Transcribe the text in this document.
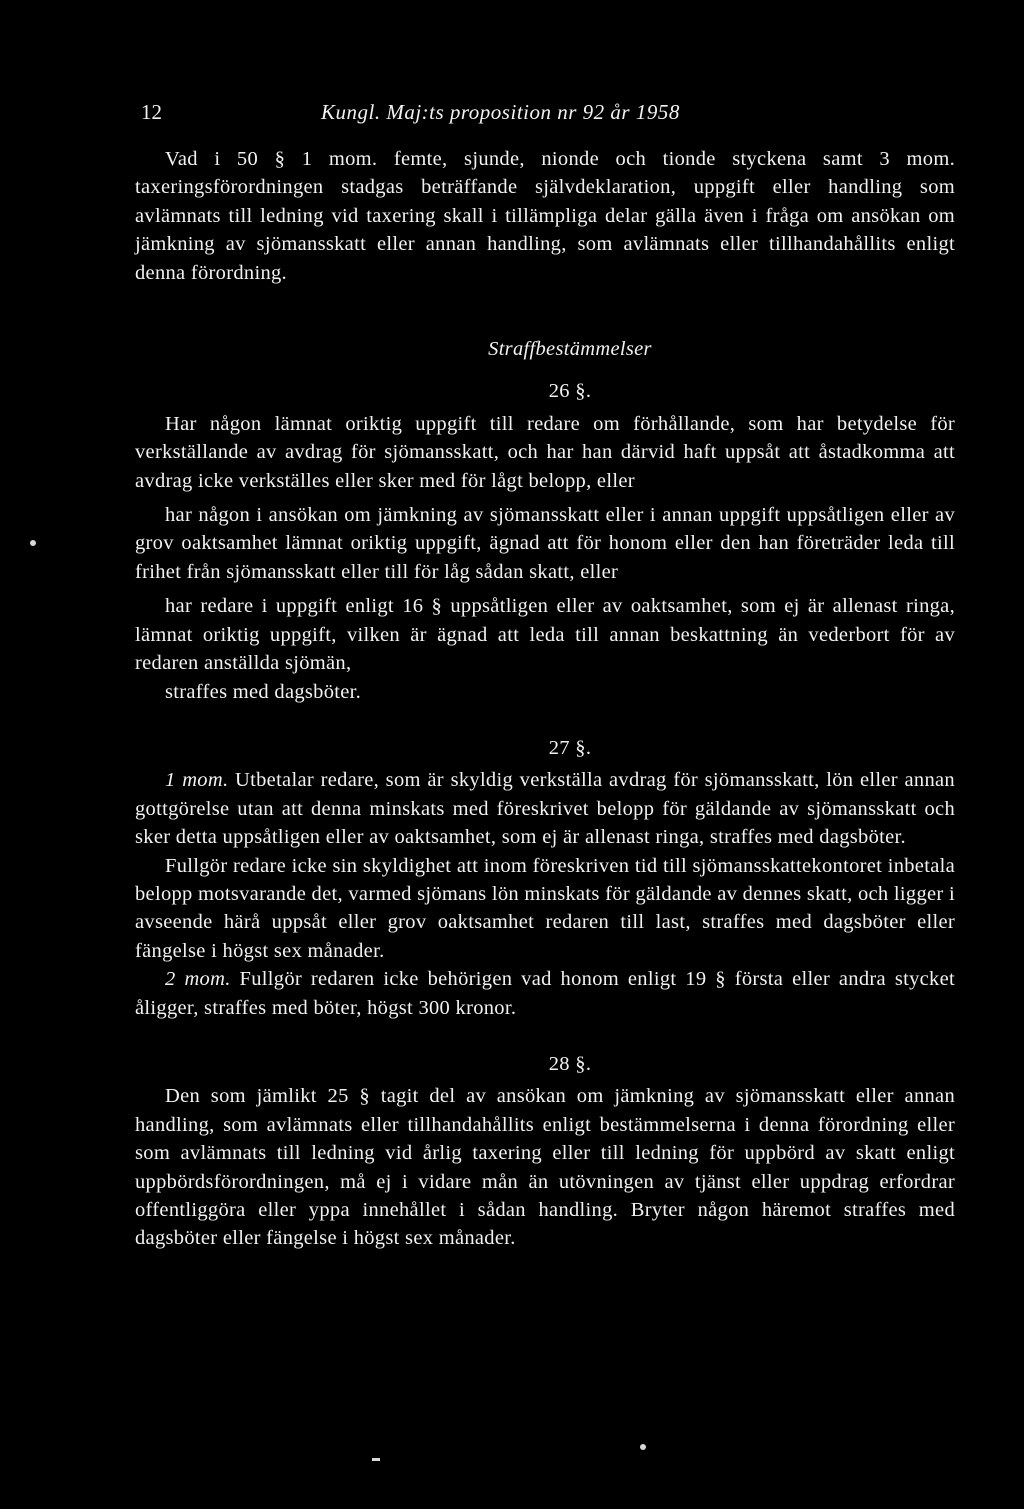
12	Kungl. Maj:ts proposition nr 92 år 1958

Vad i 50 § 1 mom. femte, sjunde, nionde och tionde styckena samt 3 mom. taxeringsförordningen stadgas beträffande självdeklaration, uppgift eller handling som avlämnats till ledning vid taxering skall i tillämpliga delar gälla även i fråga om ansökan om jämkning av sjömansskatt eller annan handling, som avlämnats eller tillhandahållits enligt denna förordning.

Straffbestämmelser

26 §.

Har någon lämnat oriktig uppgift till redare om förhållande, som har betydelse för verkställande av avdrag för sjömansskatt, och har han därvid haft uppsåt att åstadkomma att avdrag icke verkställes eller sker med för lågt belopp, eller

har någon i ansökan om jämkning av sjömansskatt eller i annan uppgift uppsåtligen eller av grov oaktsamhet lämnat oriktig uppgift, ägnad att för honom eller den han företräder leda till frihet från sjömansskatt eller till för låg sådan skatt, eller

har redare i uppgift enligt 16 § uppsåtligen eller av oaktsamhet, som ej är allenast ringa, lämnat oriktig uppgift, vilken är ägnad att leda till annan beskattning än vederbort för av redaren anställda sjömän,

straffes med dagsböter.

27 §.

1 mom. Utbetalar redare, som är skyldig verkställa avdrag för sjömansskatt, lön eller annan gottgörelse utan att denna minskats med föreskrivet belopp för gäldande av sjömansskatt och sker detta uppsåtligen eller av oaktsamhet, som ej är allenast ringa, straffes med dagsböter.

Fullgör redare icke sin skyldighet att inom föreskriven tid till sjömansskattekontoret inbetala belopp motsvarande det, varmed sjömans lön minskats för gäldande av dennes skatt, och ligger i avseende härå uppsåt eller grov oaktsamhet redaren till last, straffes med dagsböter eller fängelse i högst sex månader.

2 mom. Fullgör redaren icke behörigen vad honom enligt 19 § första eller andra stycket åligger, straffes med böter, högst 300 kronor.

28 §.

Den som jämlikt 25 § tagit del av ansökan om jämkning av sjömansskatt eller annan handling, som avlämnats eller tillhandahållits enligt bestämmelserna i denna förordning eller som avlämnats till ledning vid årlig taxering eller till ledning för uppbörd av skatt enligt uppbördsförordningen, må ej i vidare mån än utövningen av tjänst eller uppdrag erfordrar offentliggöra eller yppa innehållet i sådan handling. Bryter någon häremot straffes med dagsböter eller fängelse i högst sex månader.
